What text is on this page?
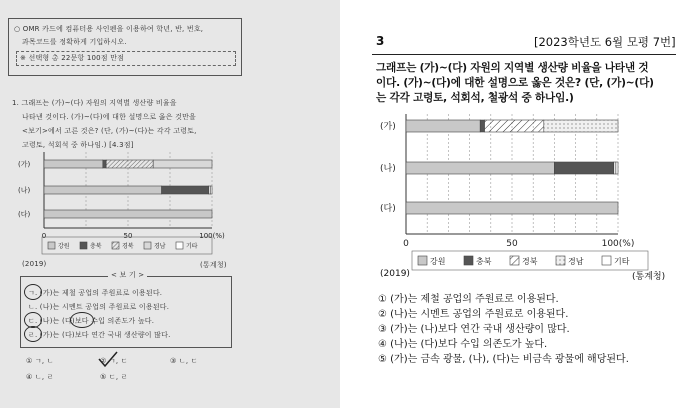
○ OMR 카드에 컴퓨터용 사인펜을 이용하여 학년, 반, 번호,
과목코드를 정확하게 기입하시오.
※ 선택형 총 22문항 100점 만점
1. 그래프는 (가)~(다) 자원의 지역별 생산량 비율을
나타낸 것이다. (가)~(다)에 대한 설명으로 옳은 것만을
<보기>에서 고른 것은? (단, (가)~(다)는 각각 고령토,
고령토, 석회석 중 하나임.) [4.3점]
(가)
(나)
(다)
0	50	100(%)
강원	충북	경북	경남	기타
(2019)	(통계청)
< 보 기 >
ㄱ. (가)는 제철 공업의 주원료로 이용된다.
ㄴ. (나)는 시멘트 공업의 주원료로 이용된다.
ㄷ. (나)는 (다)보다 수입 의존도가 높다.
ㄹ. (가)는 (다)보다 연간 국내 생산량이 많다.
① ㄱ, ㄴ	② ㄱ, ㄷ	③ ㄴ, ㄷ
④ ㄴ, ㄹ	⑤ ㄷ, ㄹ
3	[2023학년도 6월 모평 7번]
그래프는 (가)~(다) 자원의 지역별 생산량 비율을 나타낸 것
이다. (가)~(다)에 대한 설명으로 옳은 것은? (단, (가)~(다)
는 각각 고령토, 석회석, 철광석 중 하나임.)
(가)
(나)
(다)
0	50	100(%)
강원	충북	경북	경남	기타
(2019)	(통계청)
① (가)는 제철 공업의 주원료로 이용된다.
② (나)는 시멘트 공업의 주원료로 이용된다.
③ (가)는 (나)보다 연간 국내 생산량이 많다.
④ (나)는 (다)보다 수입 의존도가 높다.
⑤ (가)는 금속 광물, (나), (다)는 비금속 광물에 해당된다.
